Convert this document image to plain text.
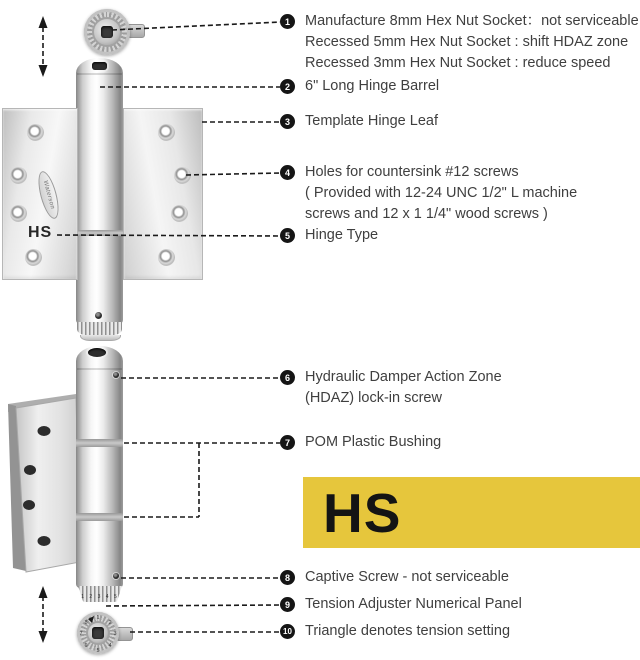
Waterson
HS
1
2
3
4
5
6
7
8
1 2 3 4 5
1	Manufacture 8mm Hex Nut Socket：not serviceable
Recessed 5mm Hex Nut Socket : shift HDAZ zone
Recessed 3mm Hex Nut Socket : reduce speed
2	6" Long Hinge Barrel
3	Template Hinge Leaf
4	Holes for countersink #12 screws
( Provided with 12-24 UNC 1/2" L machine
screws and 12 x 1 1/4" wood screws )
5	Hinge Type
6	Hydraulic Damper Action Zone
(HDAZ) lock-in screw
7	POM Plastic Bushing
8	Captive Screw - not serviceable
9	Tension Adjuster Numerical Panel
10 Triangle denotes tension setting
HS
